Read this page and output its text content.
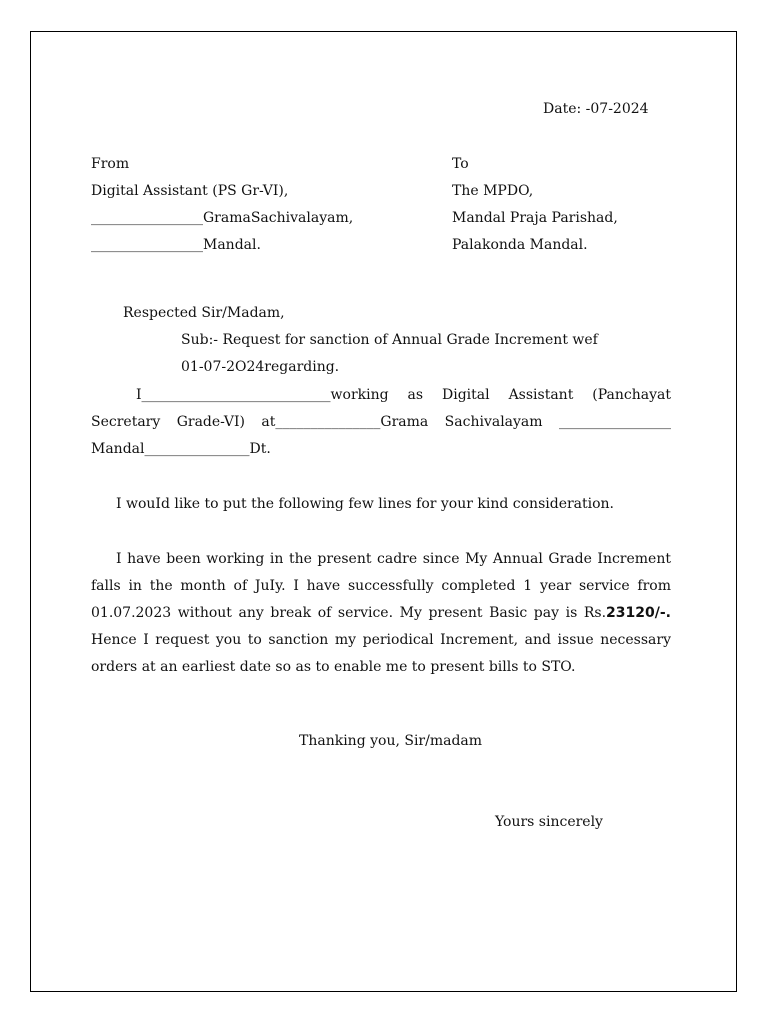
Date: -07-2024
From
Digital Assistant (PS Gr-VI),
________________GramaSachivalayam,
________________Mandal.
To
The MPDO,
Mandal Praja Parishad,
Palakonda Mandal.
Respected Sir/Madam,
Sub:- Request for sanction of Annual Grade Increment wef
01-07-2O24regarding.
I___________________________working as Digital Assistant (Panchayat
Secretary Grade-VI) at_______________Grama Sachivalayam ________________
Mandal_______________Dt.
I wouId like to put the following few lines for your kind consideration.
I have been working in the present cadre since My Annual Grade Increment falls in the month of JuIy. I have successfully completed 1 year service from 01.07.2023 without any break of service. My present Basic pay is Rs.23120/-. Hence I request you to sanction my periodical Increment, and issue necessary orders at an earliest date so as to enable me to present bills to STO.
Thanking you, Sir/madam
Yours sincerely
